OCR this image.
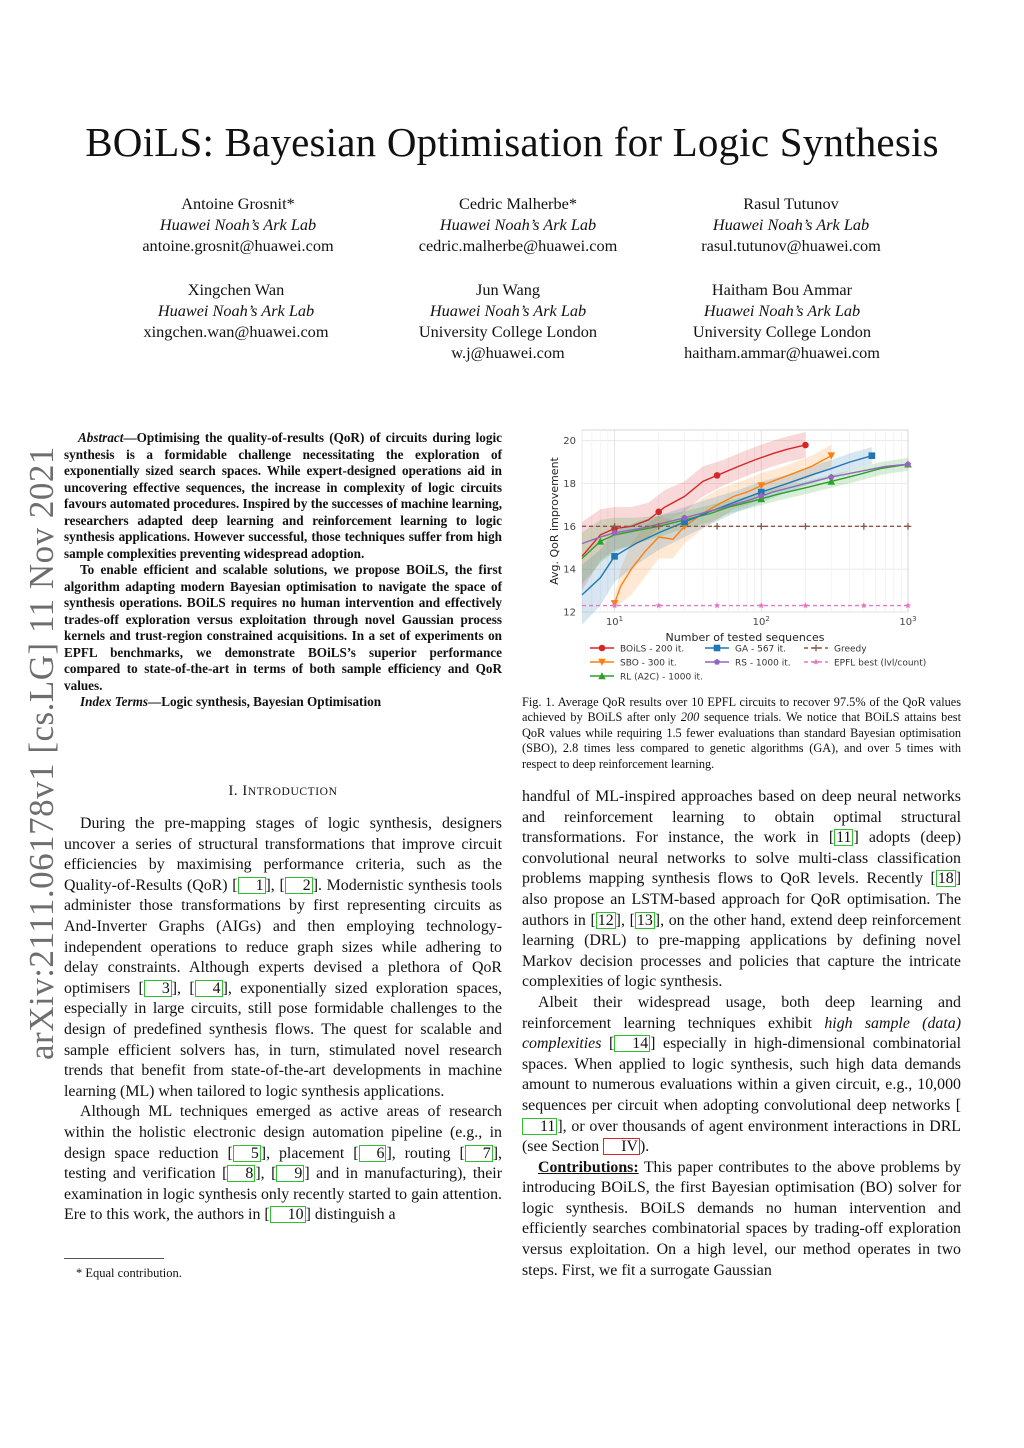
BOiLS: Bayesian Optimisation for Logic Synthesis
Antoine Grosnit*
Huawei Noah’s Ark Lab
antoine.grosnit@huawei.com
Cedric Malherbe*
Huawei Noah’s Ark Lab
cedric.malherbe@huawei.com
Rasul Tutunov
Huawei Noah’s Ark Lab
rasul.tutunov@huawei.com
Xingchen Wan
Huawei Noah’s Ark Lab
xingchen.wan@huawei.com
Jun Wang
Huawei Noah’s Ark Lab
University College London
w.j@huawei.com
Haitham Bou Ammar
Huawei Noah’s Ark Lab
University College London
haitham.ammar@huawei.com
arXiv:2111.06178v1 [cs.LG] 11 Nov 2021

Abstract—Optimising the quality-of-results (QoR) of circuits during logic synthesis is a formidable challenge necessitating the exploration of exponentially sized search spaces. While expert-designed operations aid in uncovering effective sequences, the increase in complexity of logic circuits favours automated procedures. Inspired by the successes of machine learning, researchers adapted deep learning and reinforcement learning to logic synthesis applications. However successful, those techniques suffer from high sample complexities preventing widespread adoption.

To enable efficient and scalable solutions, we propose BOiLS, the first algorithm adapting modern Bayesian optimisation to navigate the space of synthesis operations. BOiLS requires no human intervention and effectively trades-off exploration versus exploitation through novel Gaussian process kernels and trust-region constrained acquisitions. In a set of experiments on EPFL benchmarks, we demonstrate BOiLS’s superior performance compared to state-of-the-art in terms of both sample efficiency and QoR values.

Index Terms—Logic synthesis, Bayesian Optimisation

I. INTRODUCTION

During the pre-mapping stages of logic synthesis, designers uncover a series of structural transformations that improve circuit efficiencies by maximising performance criteria, such as the Quality-of-Results (QoR) [ 1 ], [ 2 ]. Modernistic synthesis tools administer those transformations by first representing circuits as And-Inverter Graphs (AIGs) and then employing technology-independent operations to reduce graph sizes while adhering to delay constraints. Although experts devised a plethora of QoR optimisers [ 3 ], [ 4 ], exponentially sized exploration spaces, especially in large circuits, still pose formidable challenges to the design of predefined synthesis flows. The quest for scalable and sample efficient solvers has, in turn, stimulated novel research trends that benefit from state-of-the-art developments in machine learning (ML) when tailored to logic synthesis applications.

Although ML techniques emerged as active areas of research within the holistic electronic design automation pipeline (e.g., in design space reduction [ 5 ], placement [ 6 ], routing [ 7 ], testing and verification [ 8 ], [ 9 ] and in manufacturing), their examination in logic synthesis only recently started to gain attention. Ere to this work, the authors in [ 10 ] distinguish a

* Equal contribution.
12
14
16
18
20
$10^1$	$10^2$	$10^3$
Number of tested sequences
Avg. QoR improvement
BOiLS - 200 it.	GA - 567 it.	Greedy
SBO - 300 it.	RS - 1000 it.	EPFL best (lvl/count)
RL (A2C) - 1000 it.
Fig. 1. Average QoR results over 10 EPFL circuits to recover 97.5% of the QoR values achieved by BOiLS after only 200 sequence trials. We notice that BOiLS attains best QoR values while requiring 1.5 fewer evaluations than standard Bayesian optimisation (SBO), 2.8 times less compared to genetic algorithms (GA), and over 5 times with respect to deep reinforcement learning.

handful of ML-inspired approaches based on deep neural networks and reinforcement learning to obtain optimal structural transformations. For instance, the work in [ 11 ] adopts (deep) convolutional neural networks to solve multi-class classification problems mapping synthesis flows to QoR levels. Recently [ 18 ] also propose an LSTM-based approach for QoR optimisation. The authors in [ 12 ], [ 13 ], on the other hand, extend deep reinforcement learning (DRL) to pre-mapping applications by defining novel Markov decision processes and policies that capture the intricate complexities of logic synthesis.

Albeit their widespread usage, both deep learning and reinforcement learning techniques exhibit high sample (data) complexities [ 14 ] especially in high-dimensional combinatorial spaces. When applied to logic synthesis, such high data demands amount to numerous evaluations within a given circuit, e.g., 10,000 sequences per circuit when adopting convolutional deep networks [11 ], or over thousands of agent environment interactions in DRL (see Section IV ).

Contributions: This paper contributes to the above problems by introducing BOiLS, the first Bayesian optimisation (BO) solver for logic synthesis. BOiLS demands no human intervention and efficiently searches combinatorial spaces by trading-off exploration versus exploitation. On a high level, our method operates in two steps. First, we fit a surrogate Gaussian
